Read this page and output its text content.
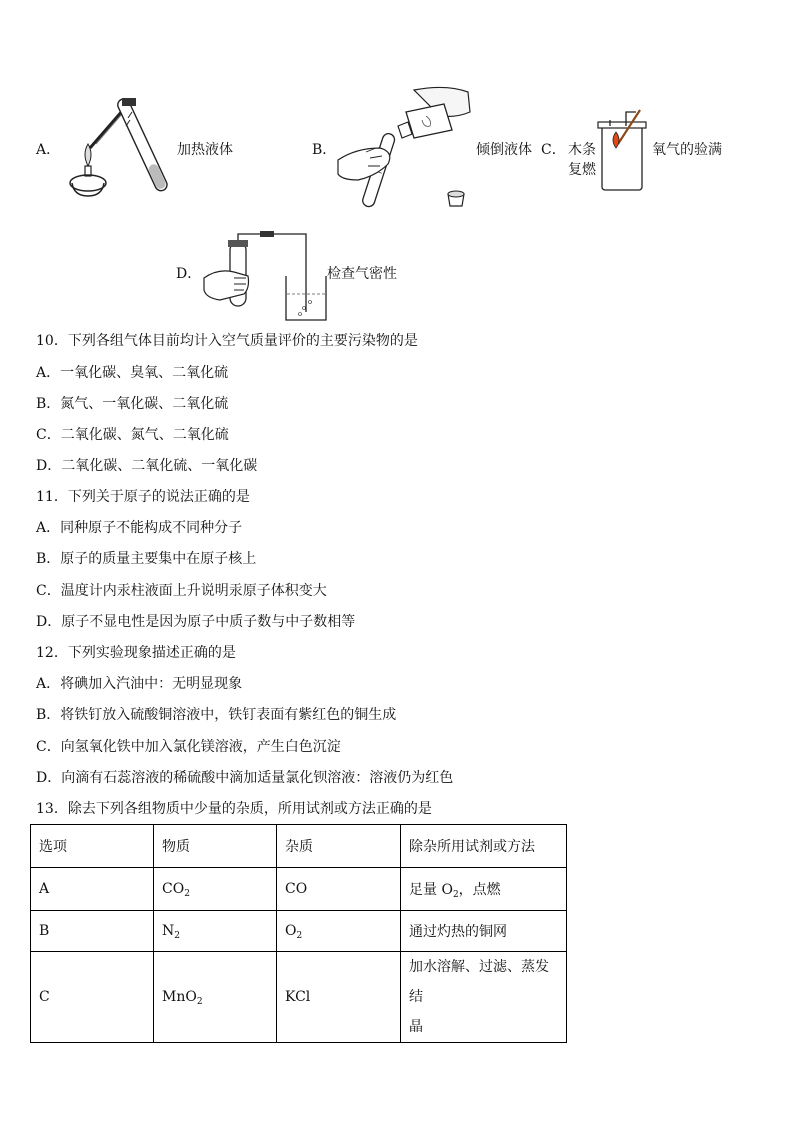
A．	加热液体	B．	倾倒液体 C． 木条
复燃
氧气的验满
D．	检查气密性
10．下列各组气体目前均计入空气质量评价的主要污染物的是
A．一氧化碳、臭氧、二氧化硫
B．氮气、一氧化碳、二氧化硫
C．二氧化碳、氮气、二氧化硫
D．二氧化碳、二氧化硫、一氧化碳
11．下列关于原子的说法正确的是
A．同种原子不能构成不同种分子
B．原子的质量主要集中在原子核上
C．温度计内汞柱液面上升说明汞原子体积变大
D．原子不显电性是因为原子中质子数与中子数相等
12．下列实验现象描述正确的是
A．将碘加入汽油中：无明显现象
B．将铁钉放入硫酸铜溶液中，铁钉表面有紫红色的铜生成
C．向氢氧化铁中加入氯化镁溶液，产生白色沉淀
D．向滴有石蕊溶液的稀硫酸中滴加适量氯化钡溶液：溶液仍为红色
13．除去下列各组物质中少量的杂质，所用试剂或方法正确的是
选项	物质	杂质	除杂所用试剂或方法
A	$CO_2$	CO	足量 $O_2$，点燃
B	$N_2$	$O_2$	通过灼热的铜网
C	MnO$_2$	KCl	加水溶解、过滤、蒸发结
晶
